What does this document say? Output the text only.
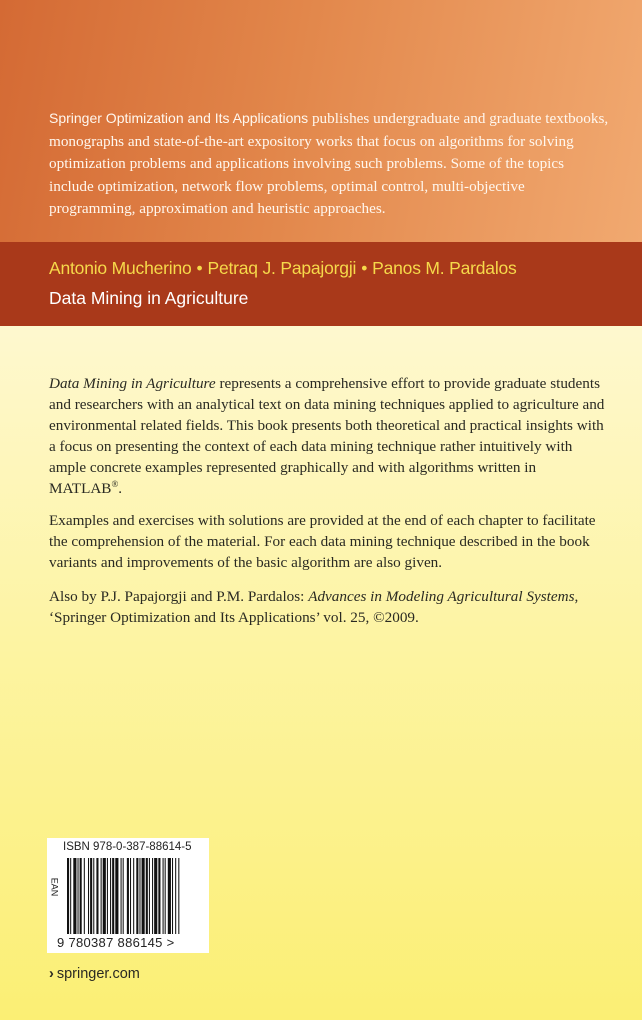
Springer Optimization and Its Applications publishes undergraduate and graduate textbooks, monographs and state-of-the-art expository works that focus on algorithms for solving optimization problems and applications involving such problems. Some of the topics include optimization, network flow problems, optimal control, multi-objective programming, approximation and heuristic approaches.

Antonio Mucherino • Petraq J. Papajorgji • Panos M. Pardalos
Data Mining in Agriculture

Data Mining in Agriculture represents a comprehensive effort to provide graduate students and researchers with an analytical text on data mining techniques applied to agriculture and environmental related fields. This book presents both theoretical and practical insights with a focus on presenting the context of each data mining technique rather intuitively with ample concrete examples represented graphically and with algorithms written in MATLAB®.

Examples and exercises with solutions are provided at the end of each chapter to facilitate the comprehension of the material. For each data mining technique described in the book variants and improvements of the basic algorithm are also given.

Also by P.J. Papajorgji and P.M. Pardalos: Advances in Modeling Agricultural Systems, ‘Springer Optimization and Its Applications’ vol. 25, ©2009.

ISBN 978-0-387-88614-5
EAN
9 780387 886145 >
› springer.com
